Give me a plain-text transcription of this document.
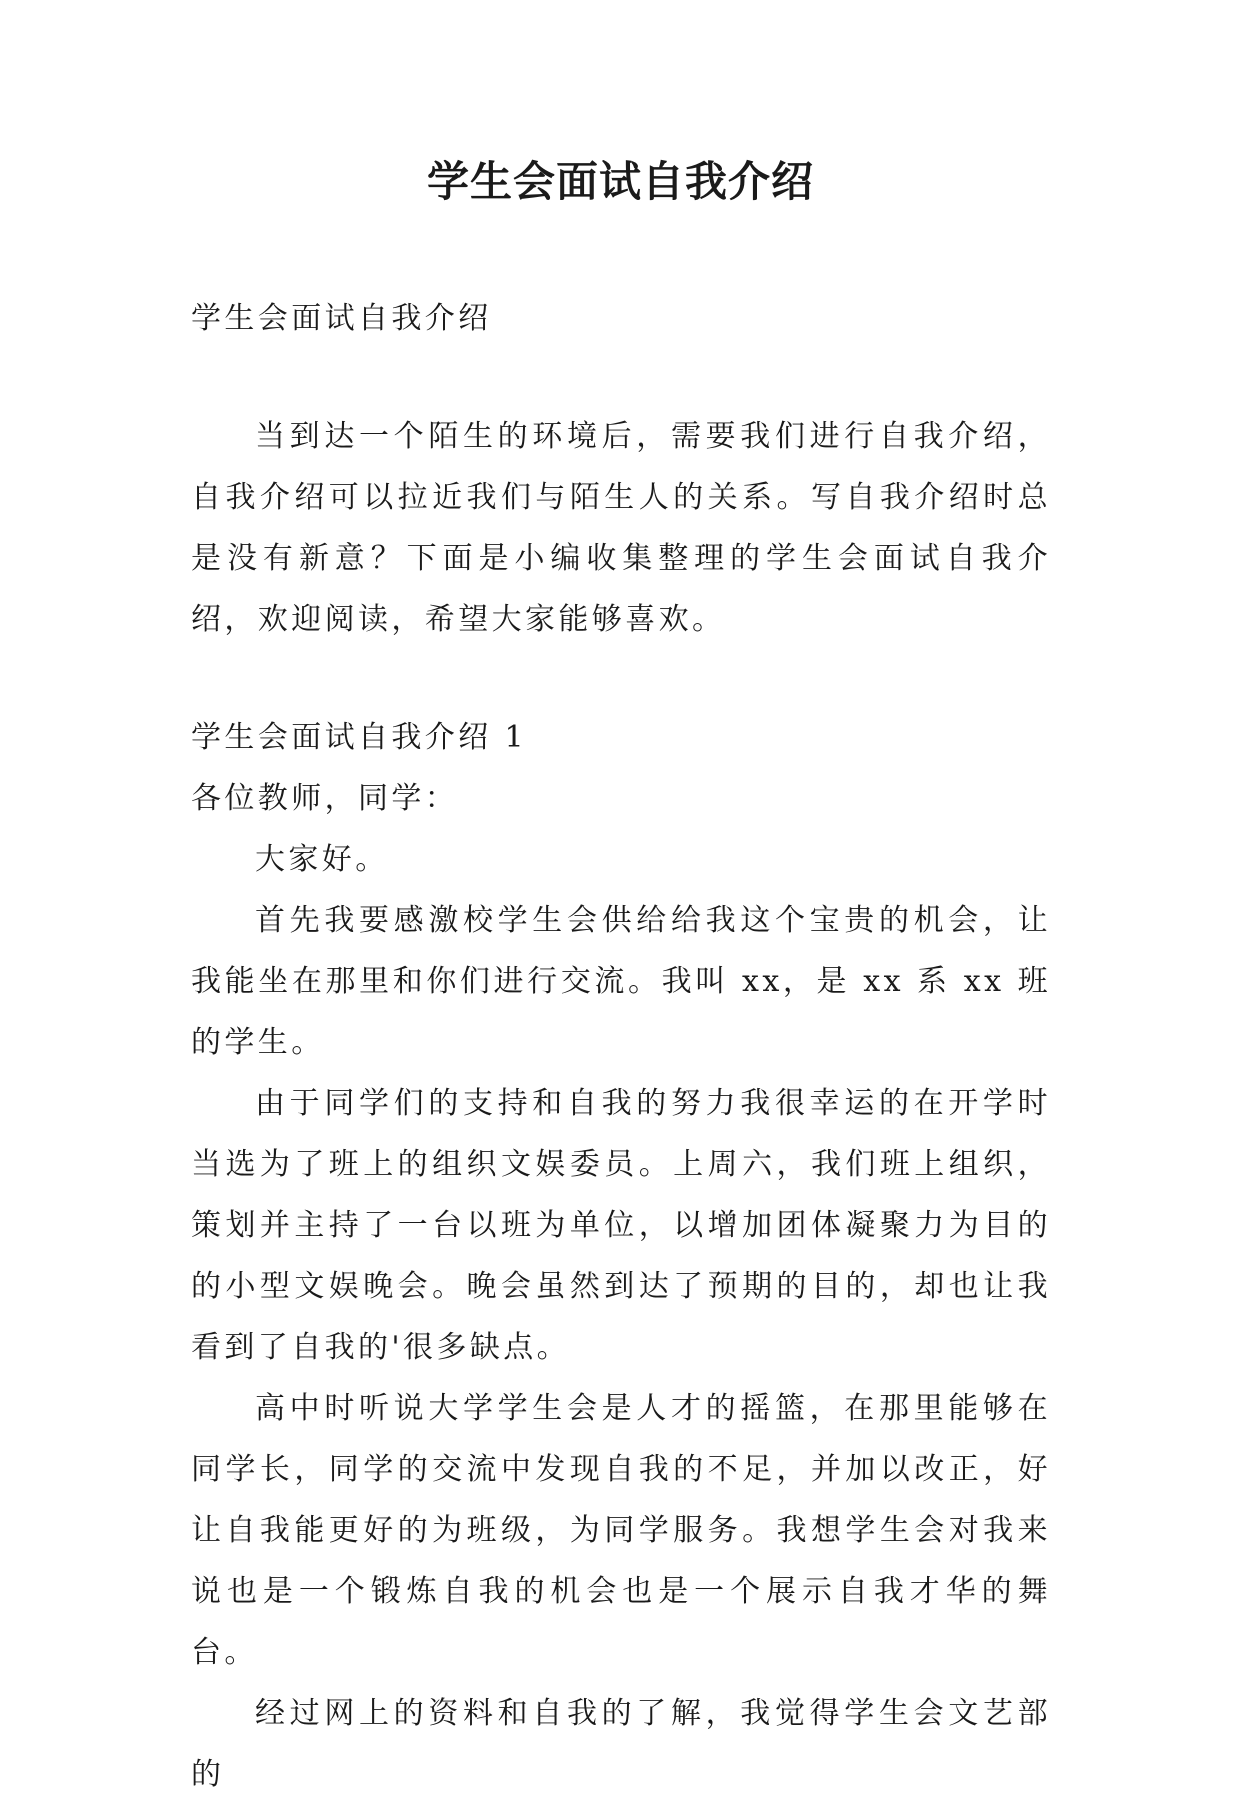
学生会面试自我介绍

学生会面试自我介绍

当到达一个陌生的环境后，需要我们进行自我介绍，自我介绍可以拉近我们与陌生人的关系。写自我介绍时总是没有新意？下面是小编收集整理的学生会面试自我介绍，欢迎阅读，希望大家能够喜欢。

学生会面试自我介绍 1

各位教师，同学：

大家好。

首先我要感激校学生会供给给我这个宝贵的机会，让我能坐在那里和你们进行交流。我叫 xx，是 xx 系 xx 班的学生。

由于同学们的支持和自我的努力我很幸运的在开学时当选为了班上的组织文娱委员。上周六，我们班上组织，策划并主持了一台以班为单位，以增加团体凝聚力为目的的小型文娱晚会。晚会虽然到达了预期的目的，却也让我看到了自我的'很多缺点。

高中时听说大学学生会是人才的摇篮，在那里能够在同学长，同学的交流中发现自我的不足，并加以改正，好让自我能更好的为班级，为同学服务。我想学生会对我来说也是一个锻炼自我的机会也是一个展示自我才华的舞台。

经过网上的资料和自我的了解，我觉得学生会文艺部的
